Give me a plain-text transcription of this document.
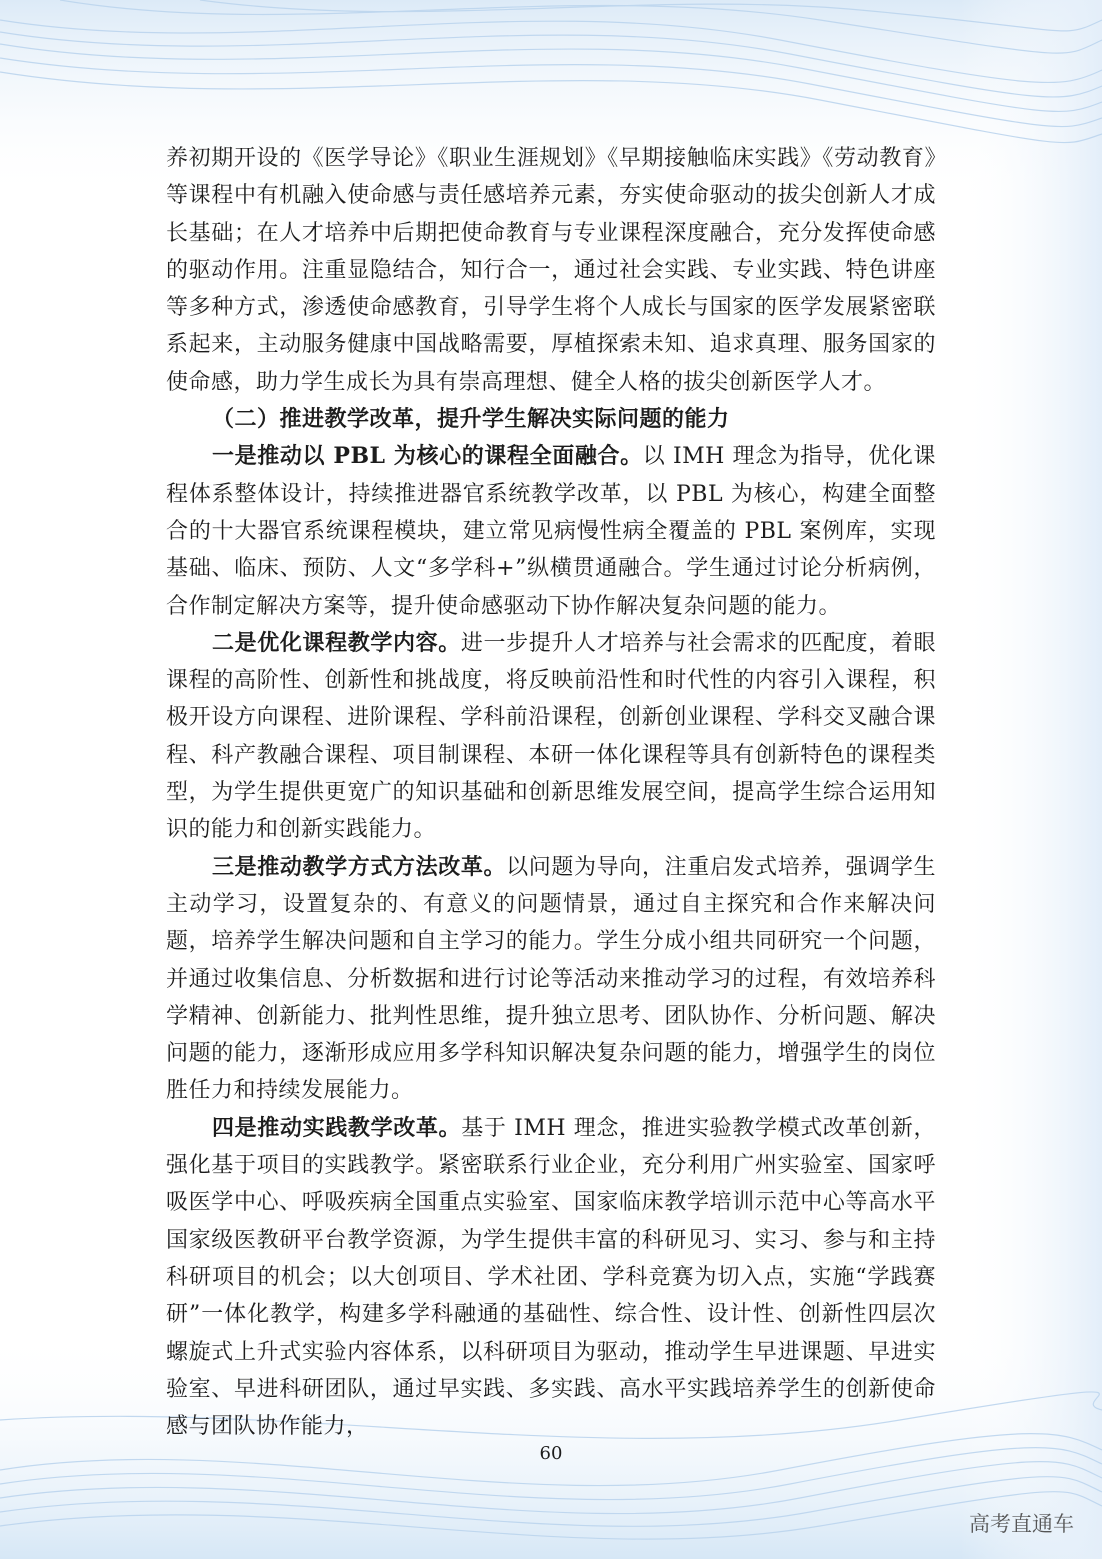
养初期开设的《医学导论》《职业生涯规划》《早期接触临床实践》《劳动教育》等课程中有机融入使命感与责任感培养元素，夯实使命驱动的拔尖创新人才成长基础；在人才培养中后期把使命教育与专业课程深度融合，充分发挥使命感的驱动作用。注重显隐结合，知行合一，通过社会实践、专业实践、特色讲座等多种方式，渗透使命感教育，引导学生将个人成长与国家的医学发展紧密联系起来，主动服务健康中国战略需要，厚植探索未知、追求真理、服务国家的使命感，助力学生成长为具有崇高理想、健全人格的拔尖创新医学人才。

（二）推进教学改革，提升学生解决实际问题的能力

一是推动以 PBL 为核心的课程全面融合。以 IMH 理念为指导，优化课程体系整体设计，持续推进器官系统教学改革，以 PBL 为核心，构建全面整合的十大器官系统课程模块，建立常见病慢性病全覆盖的 PBL 案例库，实现基础、临床、预防、人文“多学科+”纵横贯通融合。学生通过讨论分析病例，合作制定解决方案等，提升使命感驱动下协作解决复杂问题的能力。

二是优化课程教学内容。进一步提升人才培养与社会需求的匹配度，着眼课程的高阶性、创新性和挑战度，将反映前沿性和时代性的内容引入课程，积极开设方向课程、进阶课程、学科前沿课程，创新创业课程、学科交叉融合课程、科产教融合课程、项目制课程、本研一体化课程等具有创新特色的课程类型，为学生提供更宽广的知识基础和创新思维发展空间，提高学生综合运用知识的能力和创新实践能力。

三是推动教学方式方法改革。以问题为导向，注重启发式培养，强调学生主动学习，设置复杂的、有意义的问题情景，通过自主探究和合作来解决问题，培养学生解决问题和自主学习的能力。学生分成小组共同研究一个问题，并通过收集信息、分析数据和进行讨论等活动来推动学习的过程，有效培养科学精神、创新能力、批判性思维，提升独立思考、团队协作、分析问题、解决问题的能力，逐渐形成应用多学科知识解决复杂问题的能力，增强学生的岗位胜任力和持续发展能力。

四是推动实践教学改革。基于 IMH 理念，推进实验教学模式改革创新，强化基于项目的实践教学。紧密联系行业企业，充分利用广州实验室、国家呼吸医学中心、呼吸疾病全国重点实验室、国家临床教学培训示范中心等高水平国家级医教研平台教学资源，为学生提供丰富的科研见习、实习、参与和主持科研项目的机会；以大创项目、学术社团、学科竞赛为切入点，实施“学践赛研”一体化教学，构建多学科融通的基础性、综合性、设计性、创新性四层次螺旋式上升式实验内容体系，以科研项目为驱动，推动学生早进课题、早进实验室、早进科研团队，通过早实践、多实践、高水平实践培养学生的创新使命感与团队协作能力，

60
高考直通车
